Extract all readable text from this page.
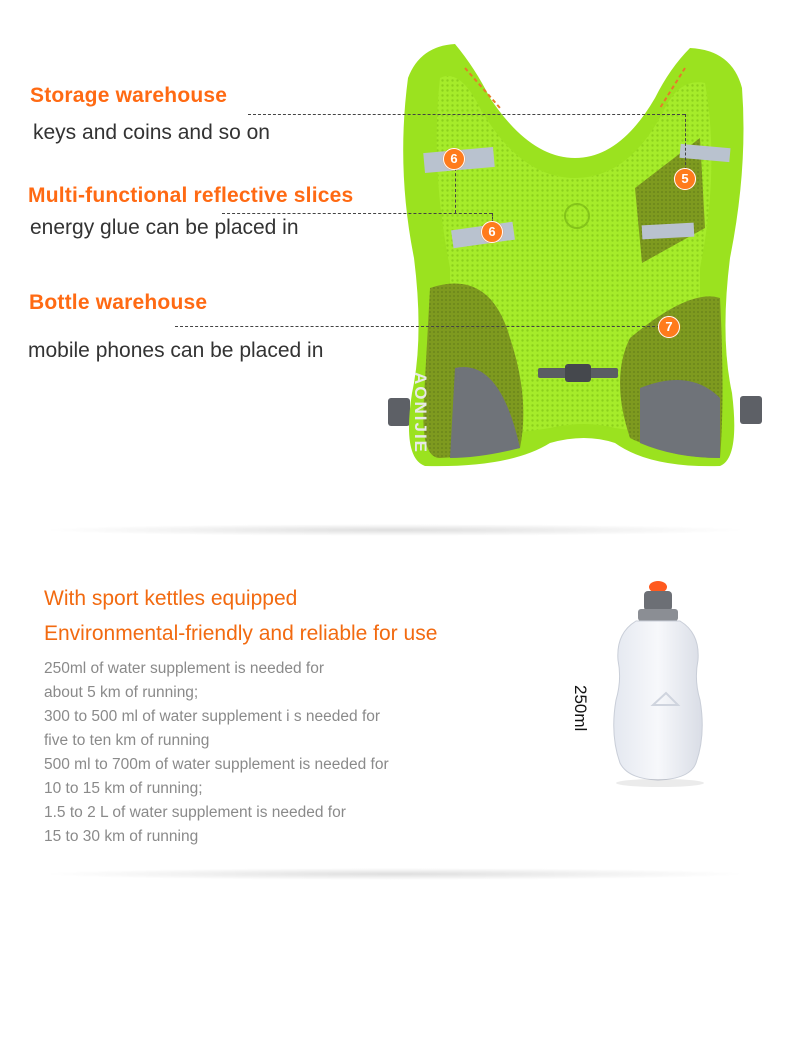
AONIJIE
Storage warehouse
keys and coins and so on
Multi-functional reflective slices
energy glue can be placed in
Bottle warehouse
mobile phones can be placed in
6
5
6
7
With sport kettles equipped
Environmental-friendly and reliable for use
250ml of water supplement is needed for
about 5 km of running;
300 to 500 ml of water supplement i s needed for
five to ten km of running
500 ml to 700m of water supplement is needed for
10 to 15 km of running;
1.5 to 2 L of water supplement is needed for
15 to 30 km of running
250ml
